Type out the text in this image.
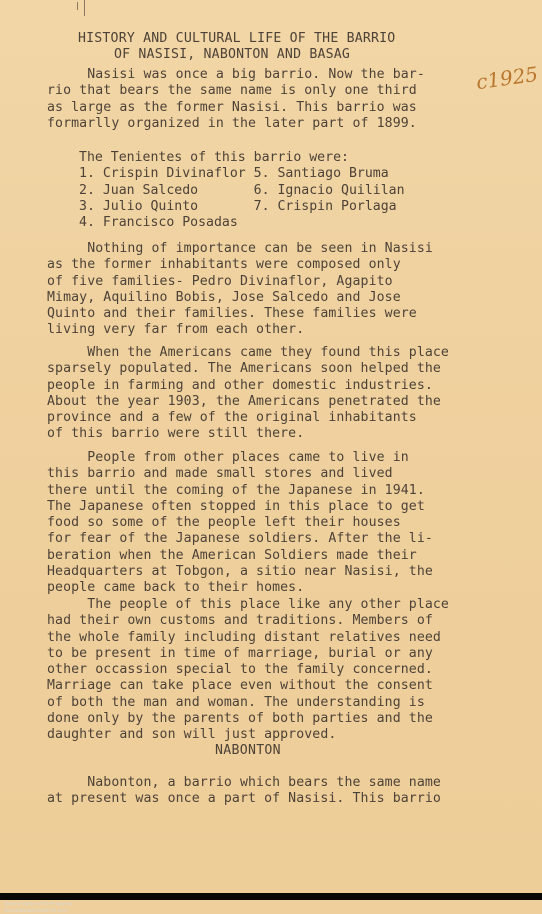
HISTORY AND CULTURAL LIFE OF THE BARRIO
OF NASISI, NABONTON AND BASAG
c1925
Nasisi was once a big barrio. Now the bar-
rio that bears the same name is only one third
as large as the former Nasisi. This barrio was
formarlly organized in the later part of 1899.
The Tenientes of this barrio were:
1. Crispin Divinaflor 5. Santiago Bruma
2. Juan Salcedo       6. Ignacio Quililan
3. Julio Quinto       7. Crispin Porlaga
4. Francisco Posadas
Nothing of importance can be seen in Nasisi
as the former inhabitants were composed only
of five families- Pedro Divinaflor, Agapito
Mimay, Aquilino Bobis, Jose Salcedo and Jose
Quinto and their families. These families were
living very far from each other.
When the Americans came they found this place
sparsely populated. The Americans soon helped the
people in farming and other domestic industries.
About the year 1903, the Americans penetrated the
province and a few of the original inhabitants
of this barrio were still there.
People from other places came to live in
this barrio and made small stores and lived
there until the coming of the Japanese in 1941.
The Japanese often stopped in this place to get
food so some of the people left their houses
for fear of the Japanese soldiers. After the li-
beration when the American Soldiers made their
Headquarters at Tobgon, a sitio near Nasisi, the
people came back to their homes.
The people of this place like any other place
had their own customs and traditions. Members of
the whole family including distant relatives need
to be present in time of marriage, burial or any
other occassion special to the family concerned.
Marriage can take place even without the consent
of both the man and woman. The understanding is
done only by the parents of both parties and the
daughter and son will just approved.
NABONTON
Nabonton, a barrio which bears the same name
at present was once a part of Nasisi. This barrio

National Library of the Philippines
NLP2000B\0001\RHAT219 ID.tif
